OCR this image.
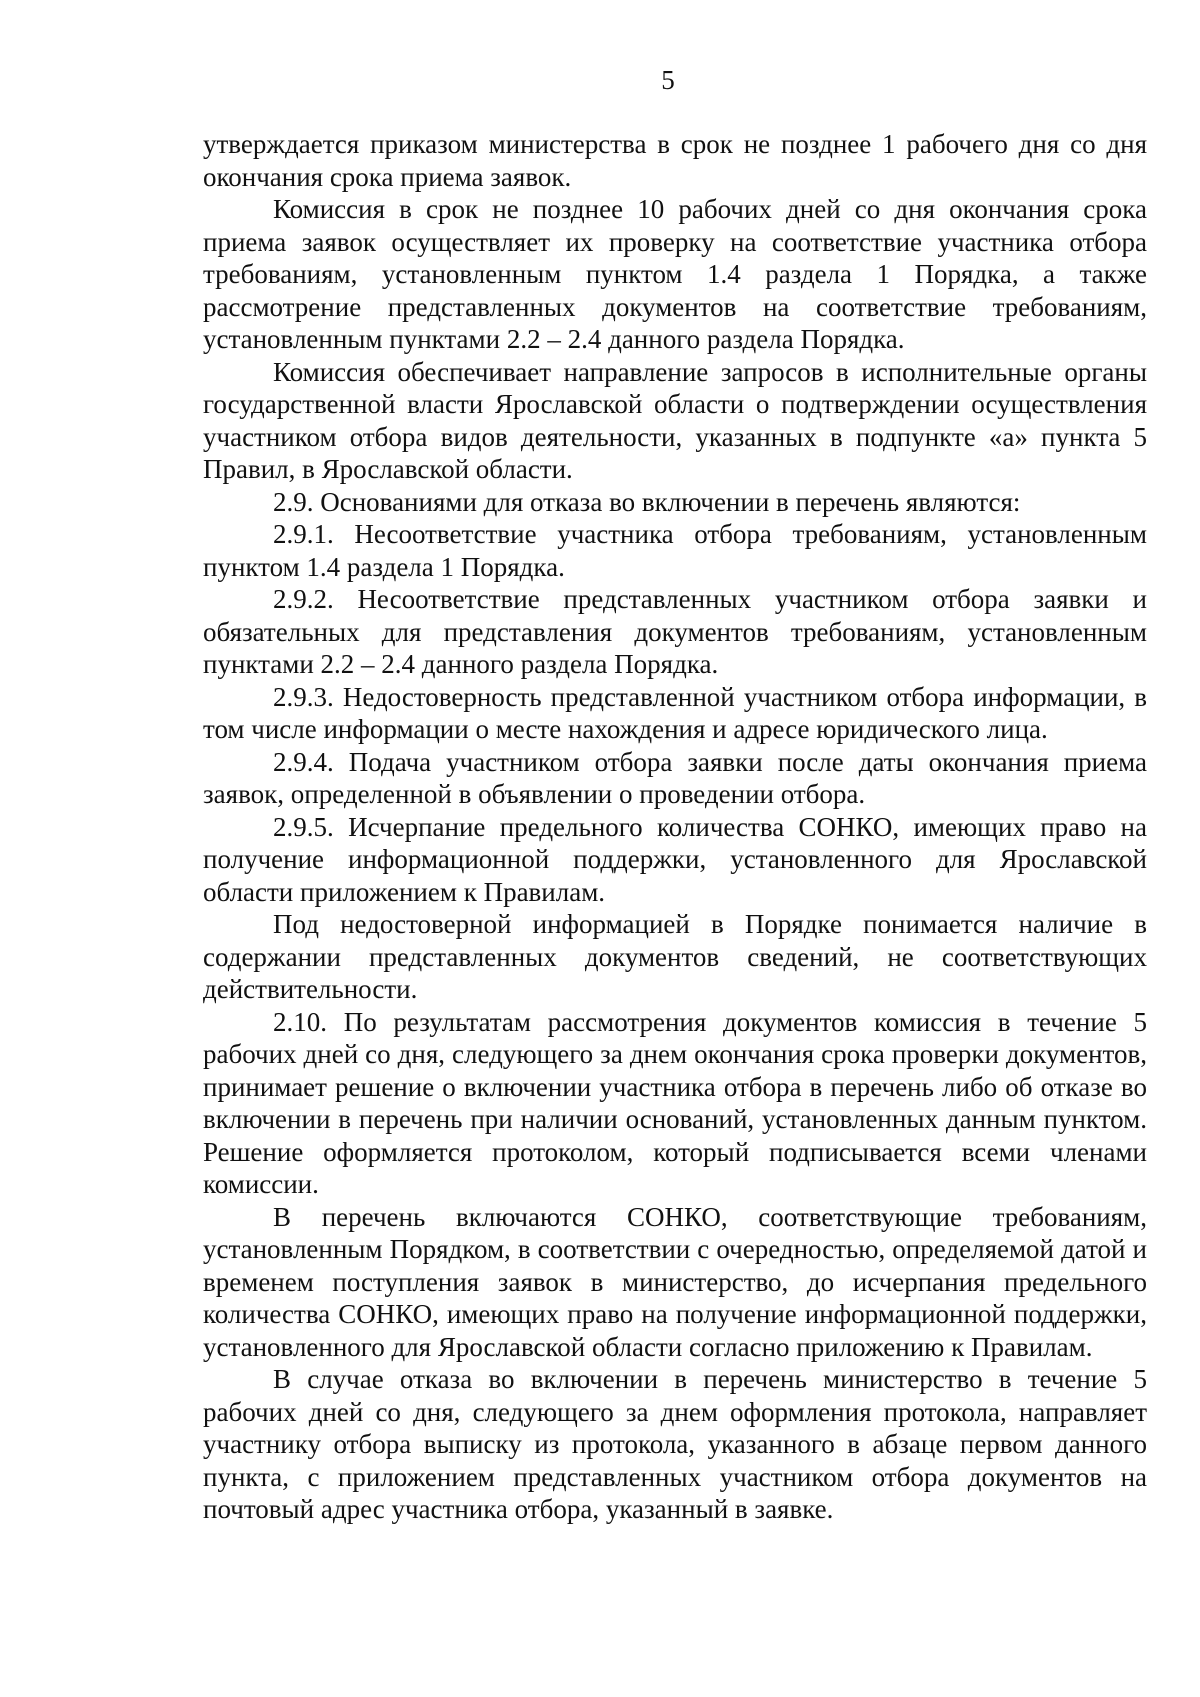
5

утверждается приказом министерства в срок не позднее 1 рабочего дня со дня окончания срока приема заявок.

Комиссия в срок не позднее 10 рабочих дней со дня окончания срока приема заявок осуществляет их проверку на соответствие участника отбора требованиям, установленным пунктом 1.4 раздела 1 Порядка, а также рассмотрение представленных документов на соответствие требованиям, установленным пунктами 2.2 – 2.4 данного раздела Порядка.

Комиссия обеспечивает направление запросов в исполнительные органы государственной власти Ярославской области о подтверждении осуществления участником отбора видов деятельности, указанных в подпункте «а» пункта 5 Правил, в Ярославской области.

2.9. Основаниями для отказа во включении в перечень являются:

2.9.1. Несоответствие участника отбора требованиям, установленным пунктом 1.4 раздела 1 Порядка.

2.9.2. Несоответствие представленных участником отбора заявки и обязательных для представления документов требованиям, установленным пунктами 2.2 – 2.4 данного раздела Порядка.

2.9.3. Недостоверность представленной участником отбора информации, в том числе информации о месте нахождения и адресе юридического лица.

2.9.4. Подача участником отбора заявки после даты окончания приема заявок, определенной в объявлении о проведении отбора.

2.9.5. Исчерпание предельного количества СОНКО, имеющих право на получение информационной поддержки, установленного для Ярославской области приложением к Правилам.

Под недостоверной информацией в Порядке понимается наличие в содержании представленных документов сведений, не соответствующих действительности.

2.10. По результатам рассмотрения документов комиссия в течение 5 рабочих дней со дня, следующего за днем окончания срока проверки документов, принимает решение о включении участника отбора в перечень либо об отказе во включении в перечень при наличии оснований, установленных данным пунктом. Решение оформляется протоколом, который подписывается всеми членами комиссии.

В перечень включаются СОНКО, соответствующие требованиям, установленным Порядком, в соответствии с очередностью, определяемой датой и временем поступления заявок в министерство, до исчерпания предельного количества СОНКО, имеющих право на получение информационной поддержки, установленного для Ярославской области согласно приложению к Правилам.

В случае отказа во включении в перечень министерство в течение 5 рабочих дней со дня, следующего за днем оформления протокола, направляет участнику отбора выписку из протокола, указанного в абзаце первом данного пункта, с приложением представленных участником отбора документов на почтовый адрес участника отбора, указанный в заявке.
